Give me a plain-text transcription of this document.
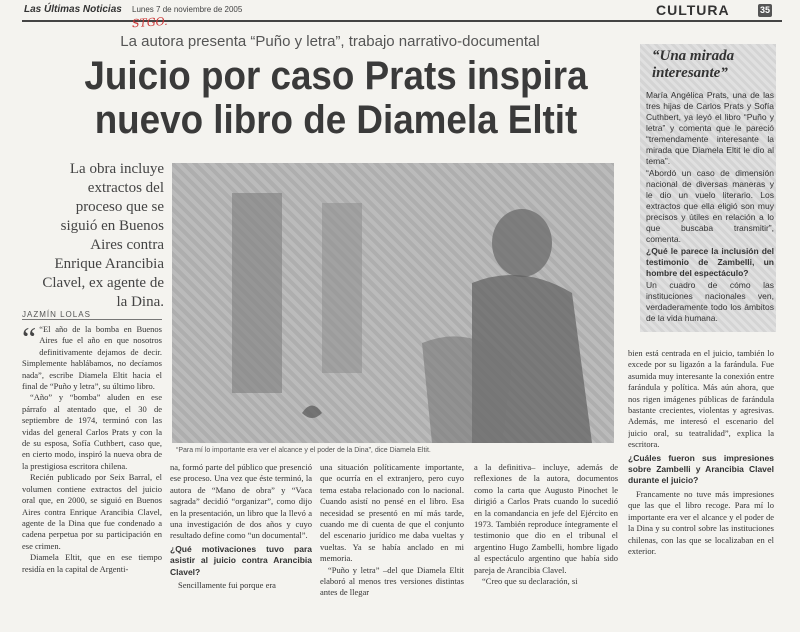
Las Últimas Noticias Lunes 7 de noviembre de 2005
STGO.
CULTURA	35
La autora presenta “Puño y letra”, trabajo narrativo-documental
Juicio por caso Prats inspira nuevo libro de Diamela Eltit
La obra incluye extractos del proceso que se siguió en Buenos Aires contra Enrique Arancibia Clavel, ex agente de la Dina.
JAZMÍN LOLAS
“Para mí lo importante era ver el alcance y el poder de la Dina”, dice Diamela Eltit.
“Una mirada interesante”

María Angélica Prats, una de las tres hijas de Carlos Prats y Sofía Cuthbert, ya leyó el libro “Puño y letra” y comenta que le pareció “tremendamente interesante la mirada que Diamela Eltit le dio al tema”.

“Abordó un caso de dimensión nacional de diversas maneras y le dio un vuelo literario. Los extractos que ella eligió son muy precisos y útiles en relación a lo que buscaba transmitir”, comenta.

¿Qué le parece la inclusión del testimonio de Zambelli, un hombre del espectáculo?

Un cuadro de cómo las instituciones nacionales ven, verdaderamente todo los ámbitos de la vida humana.

“ “El año de la bomba en Buenos Aires fue el año en que nosotros definitivamente dejamos de decir. Simplemente hablábamos, no decíamos nada”, escribe Diamela Eltit hacia el final de “Puño y letra”, su último libro.

“Año” y “bomba” aluden en ese párrafo al atentado que, el 30 de septiembre de 1974, terminó con las vidas del general Carlos Prats y con la de su esposa, Sofía Cuthbert, caso que, en cierto modo, inspiró la nueva obra de la prestigiosa escritora chilena.

Recién publicado por Seix Barral, el volumen contiene extractos del juicio oral que, en 2000, se siguió en Buenos Aires contra Enrique Arancibia Clavel, agente de la Dina que fue condenado a cadena perpetua por su participación en ese crimen.

Diamela Eltit, que en ese tiempo residía en la capital de Argenti-

na, formó parte del público que presenció ese proceso. Una vez que éste terminó, la autora de “Mano de obra” y “Vaca sagrada” decidió “organizar”, como dijo en la presentación, un libro que la llevó a una investigación de dos años y cuyo resultado define como “un documental”.

¿Qué motivaciones tuvo para asistir al juicio contra Arancibia Clavel?

Sencillamente fui porque era

una situación políticamente importante, que ocurría en el extranjero, pero cuyo tema estaba relacionado con lo nacional. Cuando asistí no pensé en el libro. Esa necesidad se presentó en mí más tarde, cuando me di cuenta de que el conjunto del escenario jurídico me daba vueltas y vueltas. Ya se había anclado en mi memoria.

“Puño y letra” –del que Diamela Eltit elaboró al menos tres versiones distintas antes de llegar

a la definitiva– incluye, además de reflexiones de la autora, documentos como la carta que Augusto Pinochet le dirigió a Carlos Prats cuando lo sucedió en la comandancia en jefe del Ejército en 1973. También reproduce íntegramente el testimonio que dio en el tribunal el argentino Hugo Zambelli, hombre ligado al espectáculo argentino que había sido pareja de Arancibia Clavel.

“Creo que su declaración, si

bien está centrada en el juicio, también lo excede por su ligazón a la farándula. Fue asumida muy interesante la conexión entre farándula y política. Más aún ahora, que nos rigen imágenes públicas de farándula bastante crecientes, violentas y agresivas. Además, me interesó el escenario del juicio oral, su teatralidad”, explica la escritora.

¿Cuáles fueron sus impresiones sobre Zambelli y Arancibia Clavel durante el juicio?

Francamente no tuve más impresiones que las que el libro recoge. Para mí lo importante era ver el alcance y el poder de la Dina y su control sobre las instituciones chilenas, con las que se localizaban en el exterior.
